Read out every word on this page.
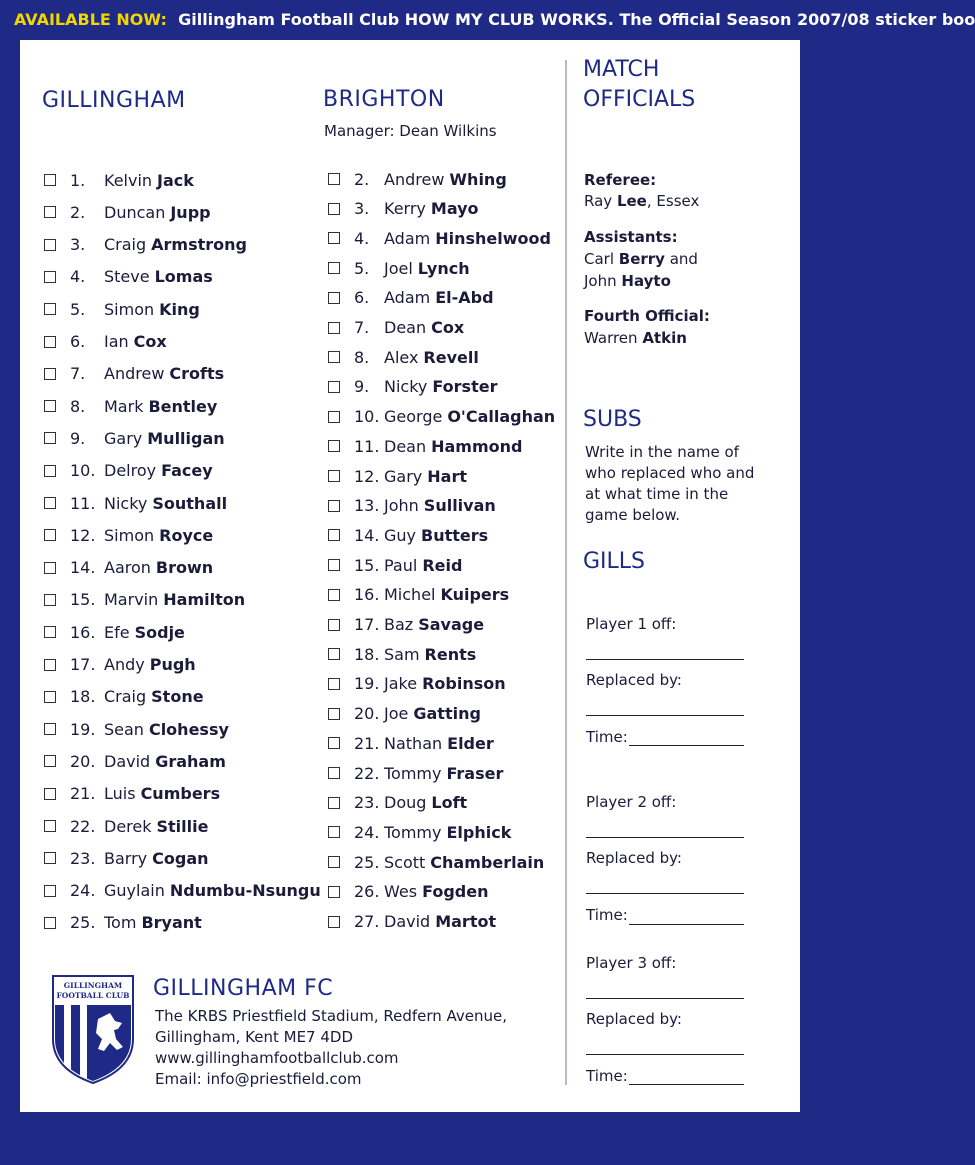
AVAILABLE NOW: Gillingham Football Club HOW MY CLUB WORKS. The Official Season 2007/08 sticker boo
GILLINGHAM
1.	Kelvin Jack
2.	Duncan Jupp
3.	Craig Armstrong
4.	Steve Lomas
5.	Simon King
6.	Ian Cox
7.	Andrew Crofts
8.	Mark Bentley
9.	Gary Mulligan
10. Delroy Facey
11. Nicky Southall
12. Simon Royce
14. Aaron Brown
15. Marvin Hamilton
16. Efe Sodje
17. Andy Pugh
18. Craig Stone
19. Sean Clohessy
20. David Graham
21. Luis Cumbers
22. Derek Stillie
23. Barry Cogan
24. Guylain Ndumbu-Nsungu
25. Tom Bryant
BRIGHTON
Manager: Dean Wilkins
2. Andrew Whing
3. Kerry Mayo
4. Adam Hinshelwood
5. Joel Lynch
6. Adam El-Abd
7. Dean Cox
8. Alex Revell
9. Nicky Forster
10. George O'Callaghan
11. Dean Hammond
12. Gary Hart
13. John Sullivan
14. Guy Butters
15. Paul Reid
16. Michel Kuipers
17. Baz Savage
18. Sam Rents
19. Jake Robinson
20. Joe Gatting
21. Nathan Elder
22. Tommy Fraser
23. Doug Loft
24. Tommy Elphick
25. Scott Chamberlain
26. Wes Fogden
27. David Martot
MATCH
OFFICIALS
Referee:
Ray Lee, Essex
Assistants:
Carl Berry and
John Hayto
Fourth Official:
Warren Atkin
SUBS
Write in the name of who replaced who and at what time in the game below.
GILLS
Player 1 off:
Replaced by:
Time:
Player 2 off:
Replaced by:
Time:
Player 3 off:
Replaced by:
Time:
GILLINGHAM
FOOTBALL CLUB GILLINGHAM FC
The KRBS Priestfield Stadium, Redfern Avenue,
Gillingham, Kent ME7 4DD
www.gillinghamfootballclub.com
Email: info@priestfield.com
